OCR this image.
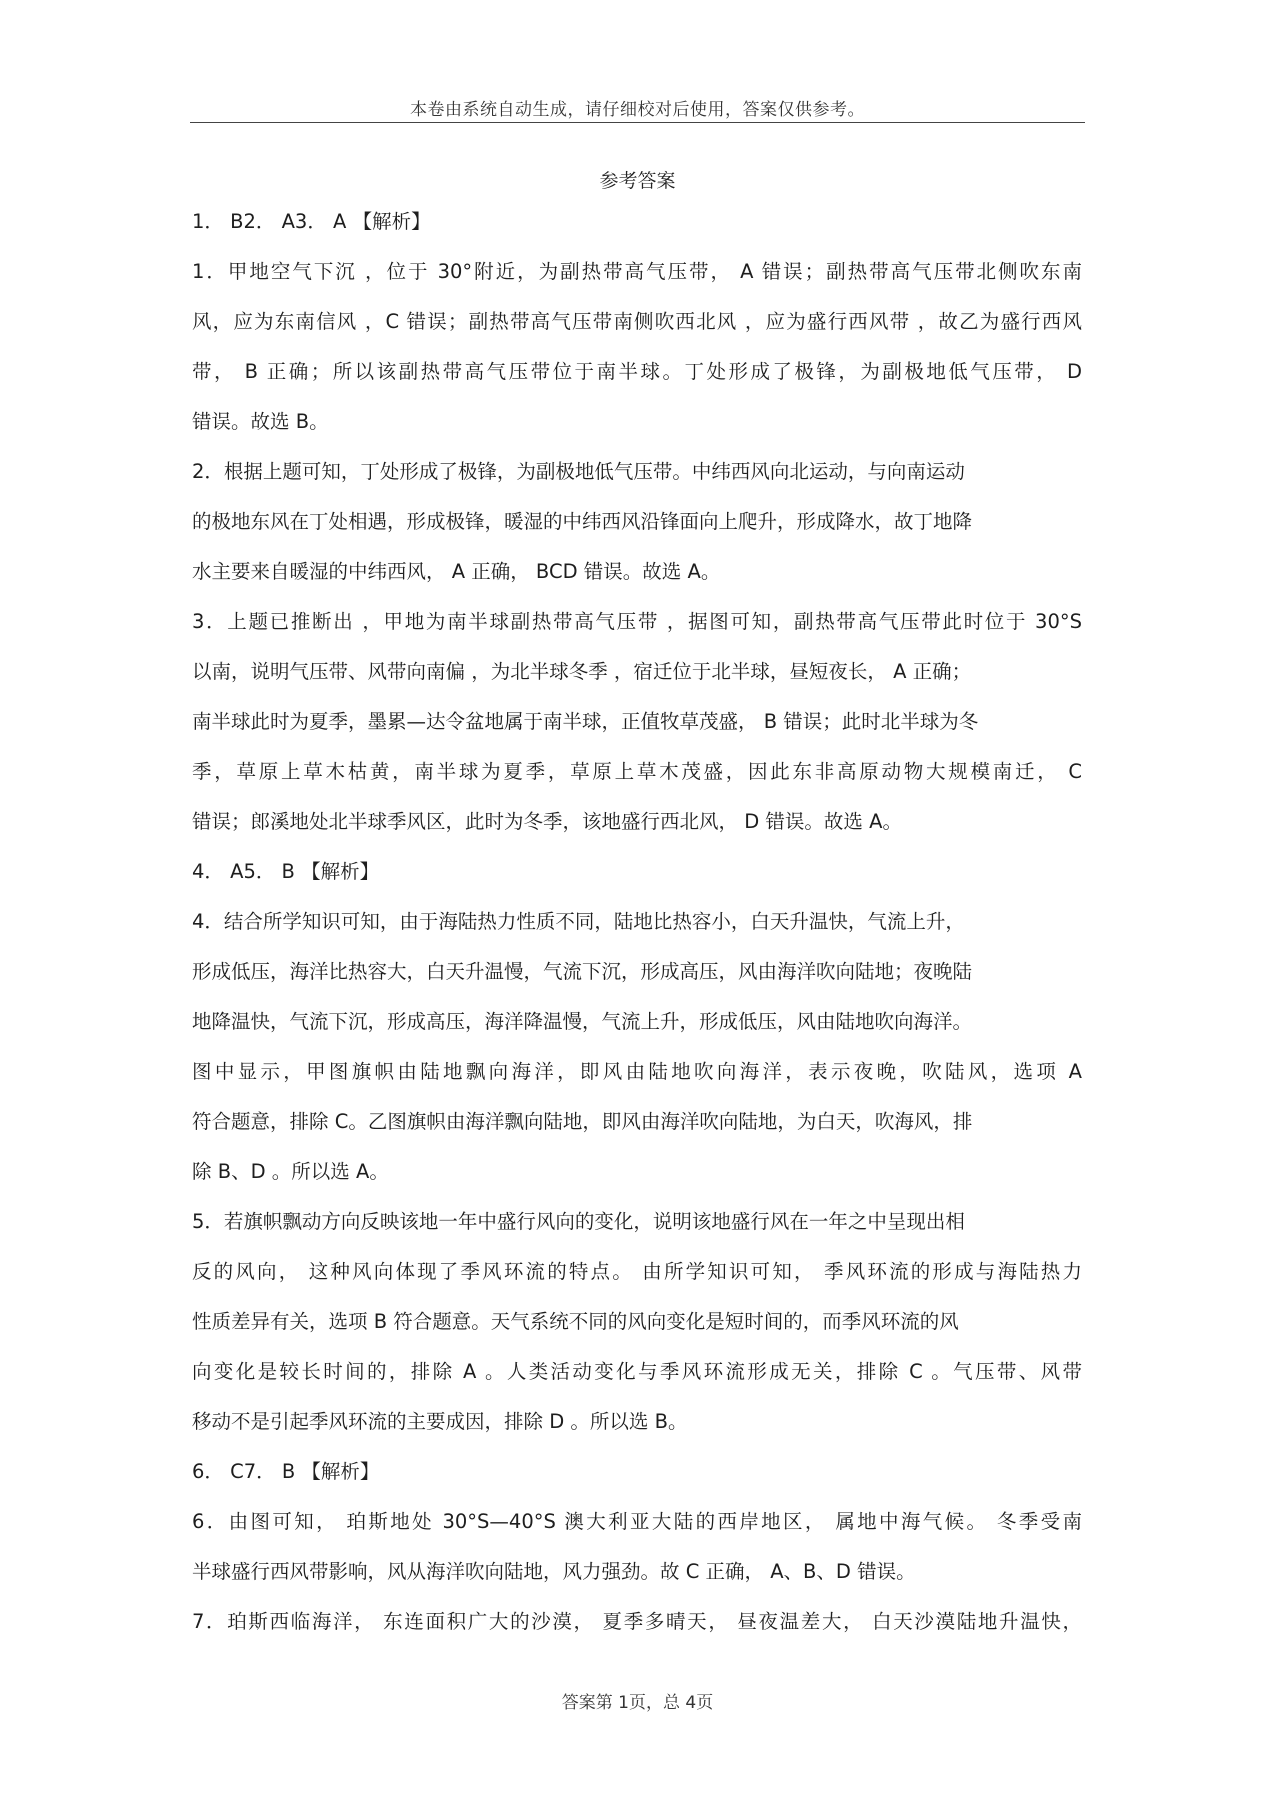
本卷由系统自动生成，请仔细校对后使用，答案仅供参考。
参考答案
1． B2． A3． A 【解析】
1．甲地空气下沉 ，位于 30°附近，为副热带高气压带， A 错误；副热带高气压带北侧吹东南
风，应为东南信风 ，C 错误；副热带高气压带南侧吹西北风 ，应为盛行西风带 ，故乙为盛行西风
带， B 正确；所以该副热带高气压带位于南半球。丁处形成了极锋，为副极地低气压带， D
错误。故选 B。
2．根据上题可知，丁处形成了极锋，为副极地低气压带。中纬西风向北运动，与向南运动
的极地东风在丁处相遇，形成极锋，暖湿的中纬西风沿锋面向上爬升，形成降水，故丁地降
水主要来自暖湿的中纬西风， A 正确， BCD 错误。故选 A。
3．上题已推断出 ，甲地为南半球副热带高气压带 ，据图可知，副热带高气压带此时位于 30°S
以南，说明气压带、风带向南偏 ，为北半球冬季 ，宿迁位于北半球，昼短夜长， A 正确；
南半球此时为夏季，墨累—达令盆地属于南半球，正值牧草茂盛， B 错误；此时北半球为冬
季，草原上草木枯黄，南半球为夏季，草原上草木茂盛，因此东非高原动物大规模南迁， C
错误；郎溪地处北半球季风区，此时为冬季，该地盛行西北风， D 错误。故选 A。
4． A5． B 【解析】
4．结合所学知识可知，由于海陆热力性质不同，陆地比热容小，白天升温快，气流上升，
形成低压，海洋比热容大，白天升温慢，气流下沉，形成高压，风由海洋吹向陆地；夜晚陆
地降温快，气流下沉，形成高压，海洋降温慢，气流上升，形成低压，风由陆地吹向海洋。
图中显示，甲图旗帜由陆地飘向海洋，即风由陆地吹向海洋，表示夜晚，吹陆风，选项 A
符合题意，排除 C。乙图旗帜由海洋飘向陆地，即风由海洋吹向陆地，为白天，吹海风，排
除 B、D 。所以选 A。
5．若旗帜飘动方向反映该地一年中盛行风向的变化，说明该地盛行风在一年之中呈现出相
反的风向， 这种风向体现了季风环流的特点。 由所学知识可知， 季风环流的形成与海陆热力
性质差异有关，选项 B 符合题意。天气系统不同的风向变化是短时间的，而季风环流的风
向变化是较长时间的，排除 A 。人类活动变化与季风环流形成无关，排除 C 。气压带、风带
移动不是引起季风环流的主要成因，排除 D 。所以选 B。
6． C7． B 【解析】
6．由图可知， 珀斯地处 30°S—40°S 澳大利亚大陆的西岸地区， 属地中海气候。 冬季受南
半球盛行西风带影响，风从海洋吹向陆地，风力强劲。故 C 正确， A、B、D 错误。
7．珀斯西临海洋， 东连面积广大的沙漠， 夏季多晴天， 昼夜温差大， 白天沙漠陆地升温快，
答案第 1页，总 4页
